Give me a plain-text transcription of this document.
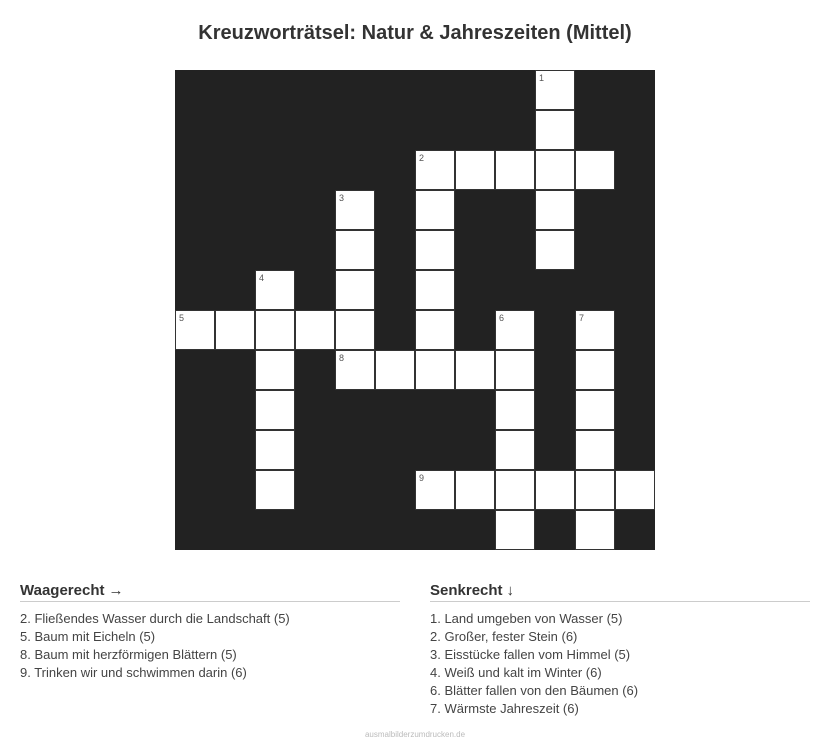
Kreuzworträtsel: Natur & Jahreszeiten (Mittel)
1
2
3
4
5	6	7
8
9
Waagerecht →
2. Fließendes Wasser durch die Landschaft (5)
5. Baum mit Eicheln (5)
8. Baum mit herzförmigen Blättern (5)
9. Trinken wir und schwimmen darin (6)
Senkrecht ↓
1. Land umgeben von Wasser (5)
2. Großer, fester Stein (6)
3. Eisstücke fallen vom Himmel (5)
4. Weiß und kalt im Winter (6)
6. Blätter fallen von den Bäumen (6)
7. Wärmste Jahreszeit (6)
ausmalbilderzumdrucken.de
